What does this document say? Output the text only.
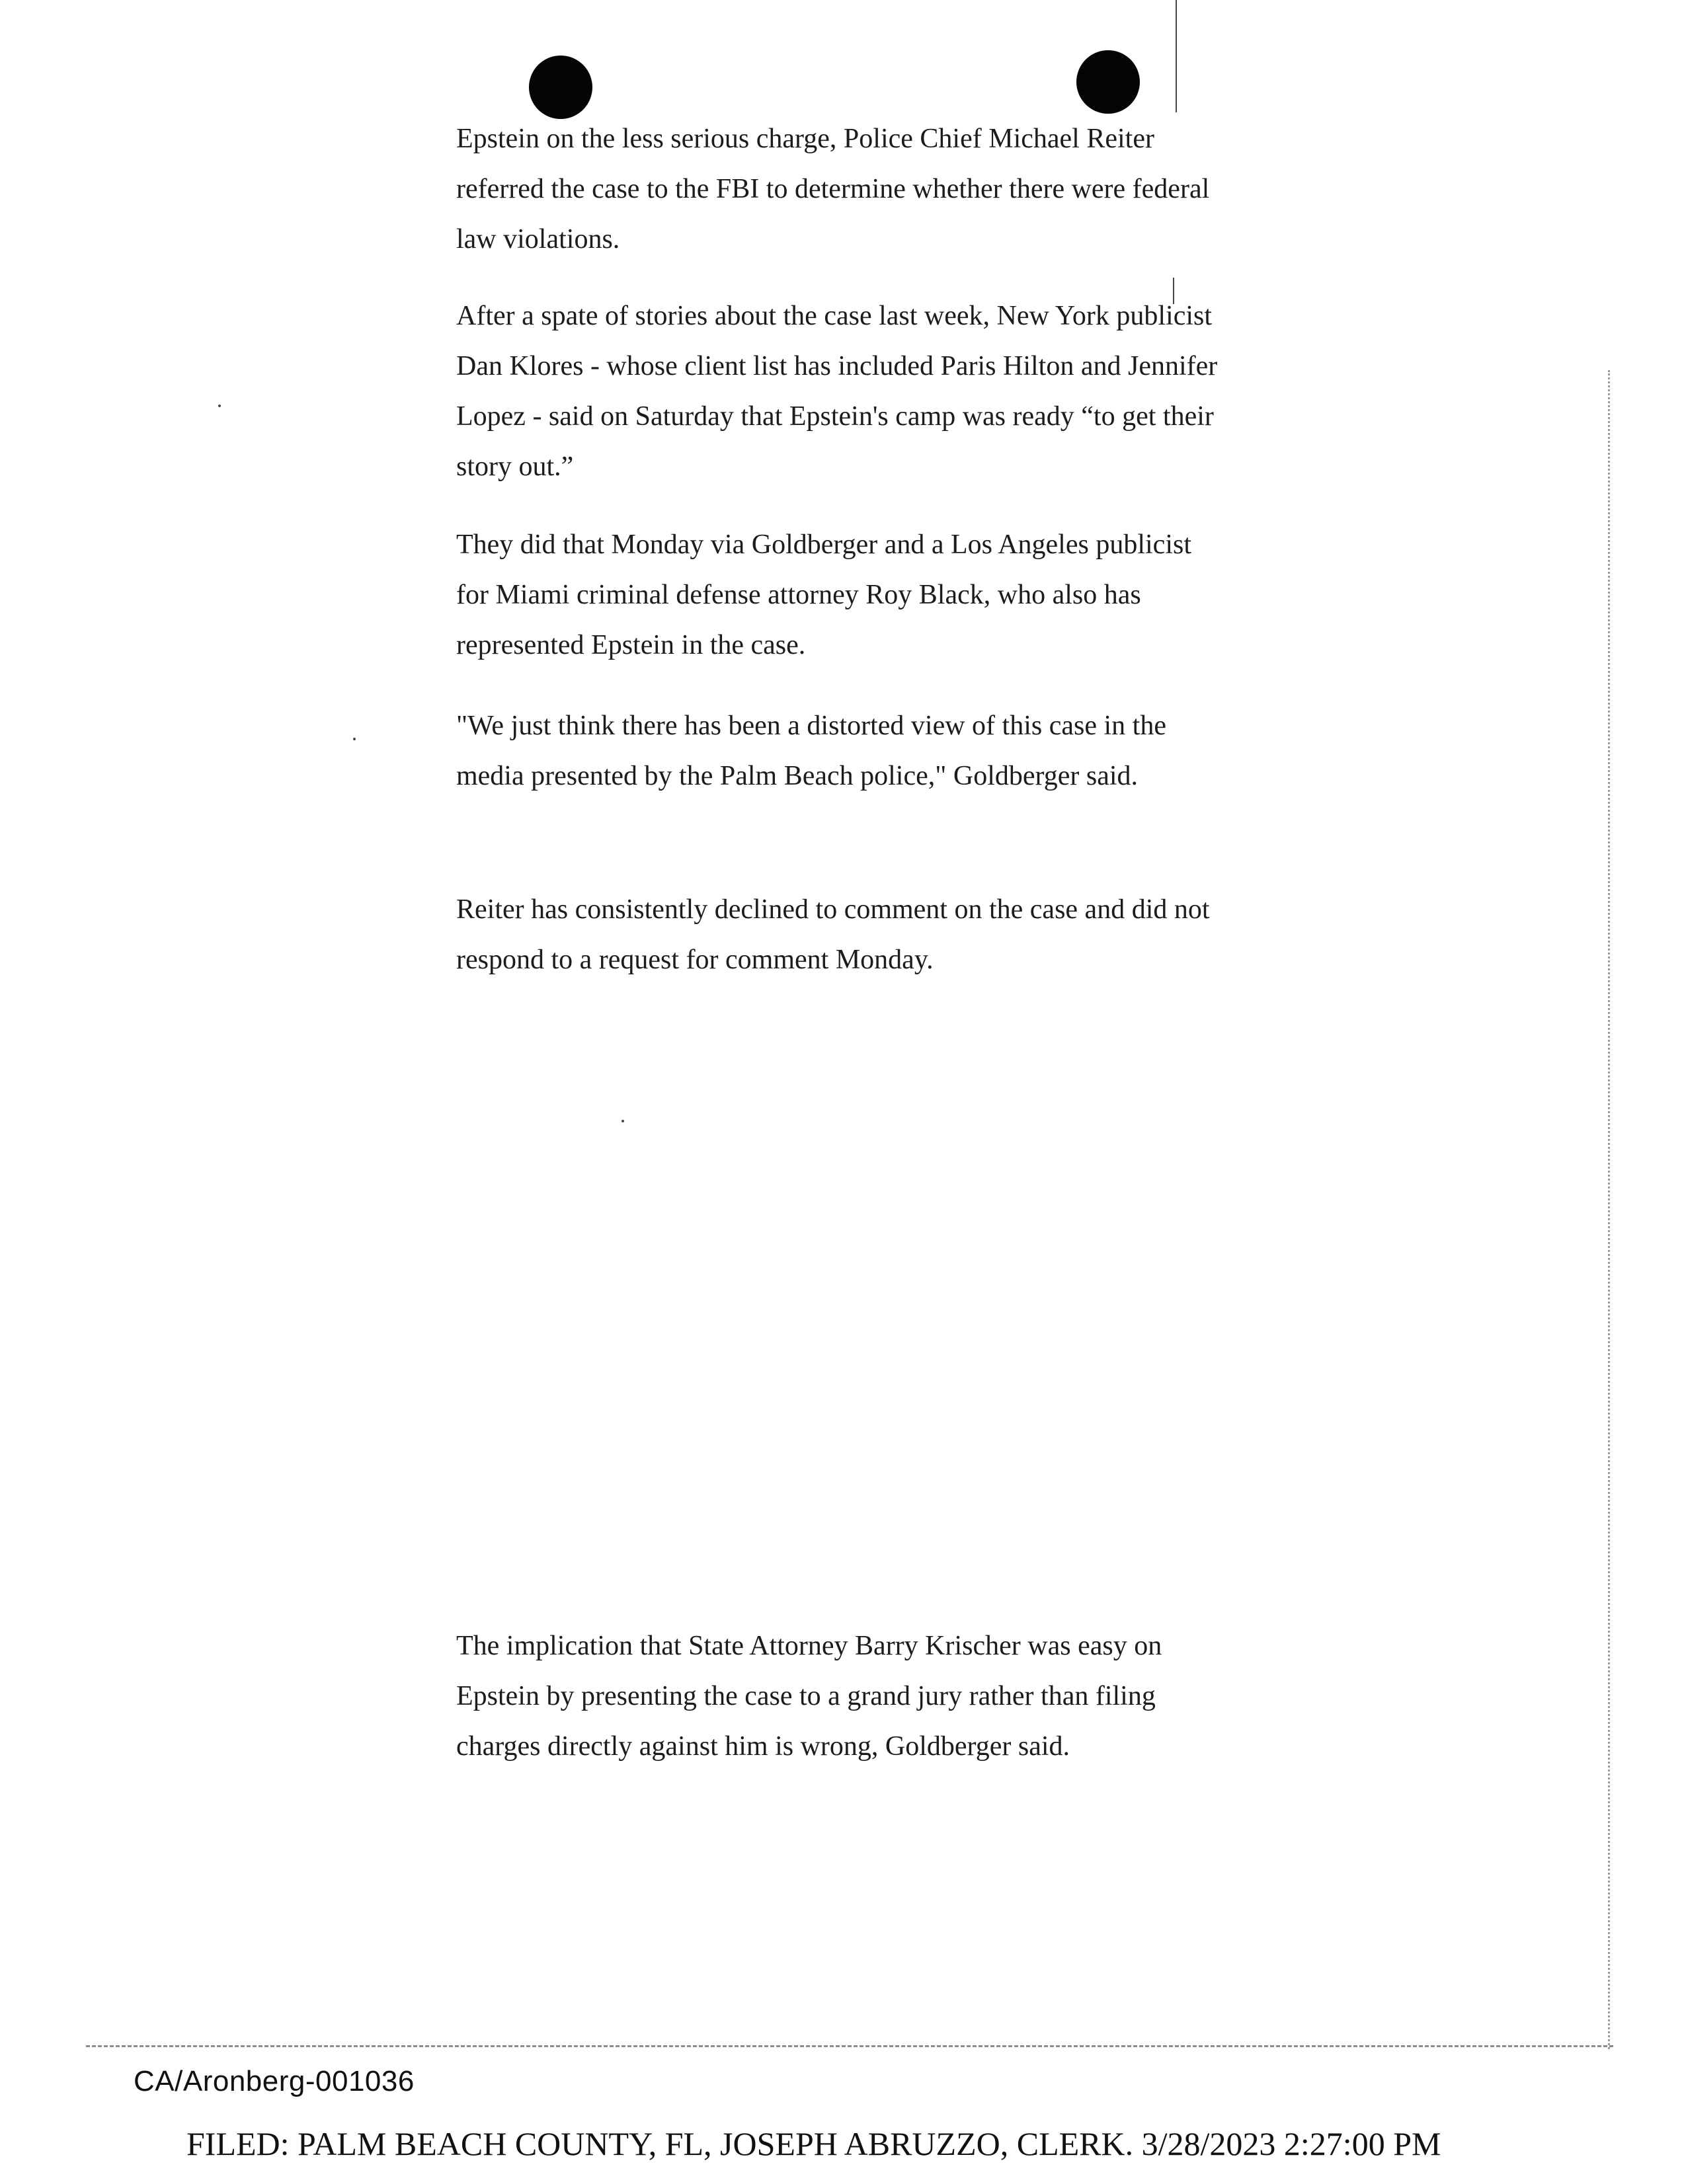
Epstein on the less serious charge, Police Chief Michael Reiter referred the case to the FBI to determine whether there were federal law violations.

After a spate of stories about the case last week, New York publicist Dan Klores - whose client list has included Paris Hilton and Jennifer Lopez - said on Saturday that Epstein's camp was ready “to get their story out.”

They did that Monday via Goldberger and a Los Angeles publicist for Miami criminal defense attorney Roy Black, who also has represented Epstein in the case.

"We just think there has been a distorted view of this case in the media presented by the Palm Beach police," Goldberger said.

Reiter has consistently declined to comment on the case and did not respond to a request for comment Monday.

The implication that State Attorney Barry Krischer was easy on Epstein by presenting the case to a grand jury rather than filing charges directly against him is wrong, Goldberger said.

CA/Aronberg-001036
FILED: PALM BEACH COUNTY, FL, JOSEPH ABRUZZO, CLERK. 3/28/2023 2:27:00 PM
